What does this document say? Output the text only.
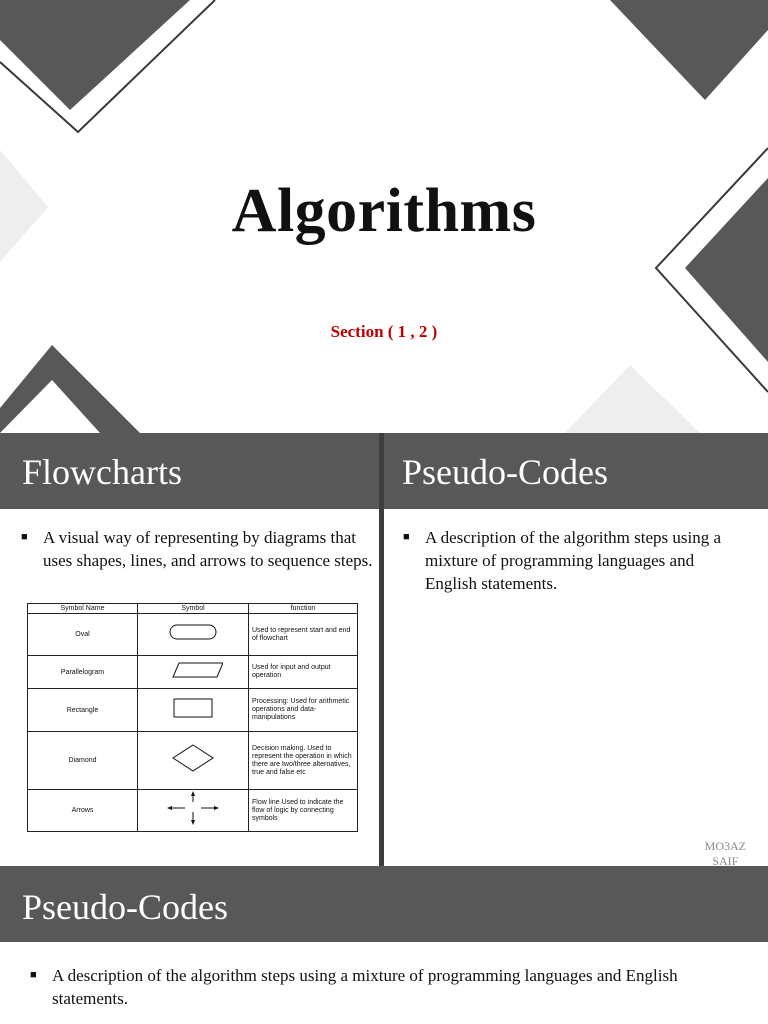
Algorithms
Section ( 1 , 2 )
Flowcharts
■ A visual way of representing by diagrams that uses shapes, lines, and arrows to sequence steps.
Symbol Name	Symbol	function
Oval		Used to represent start and end of flowchart
Parallelogram		Used for input and output operation
Rectangle		Processing: Used for arithmetic operations and data-manipulations
Diamond		Decision making. Used to represent the operation in which there are two/three alternatives, true and false etc
Arrows		Flow line Used to indicate the flow of logic by connecting symbols
Pseudo-Codes
■ A description of the algorithm steps using a mixture of programming languages and English statements.
MO3AZ
SAIF
Pseudo-Codes
■ A description of the algorithm steps using a mixture of programming languages and English statements.
